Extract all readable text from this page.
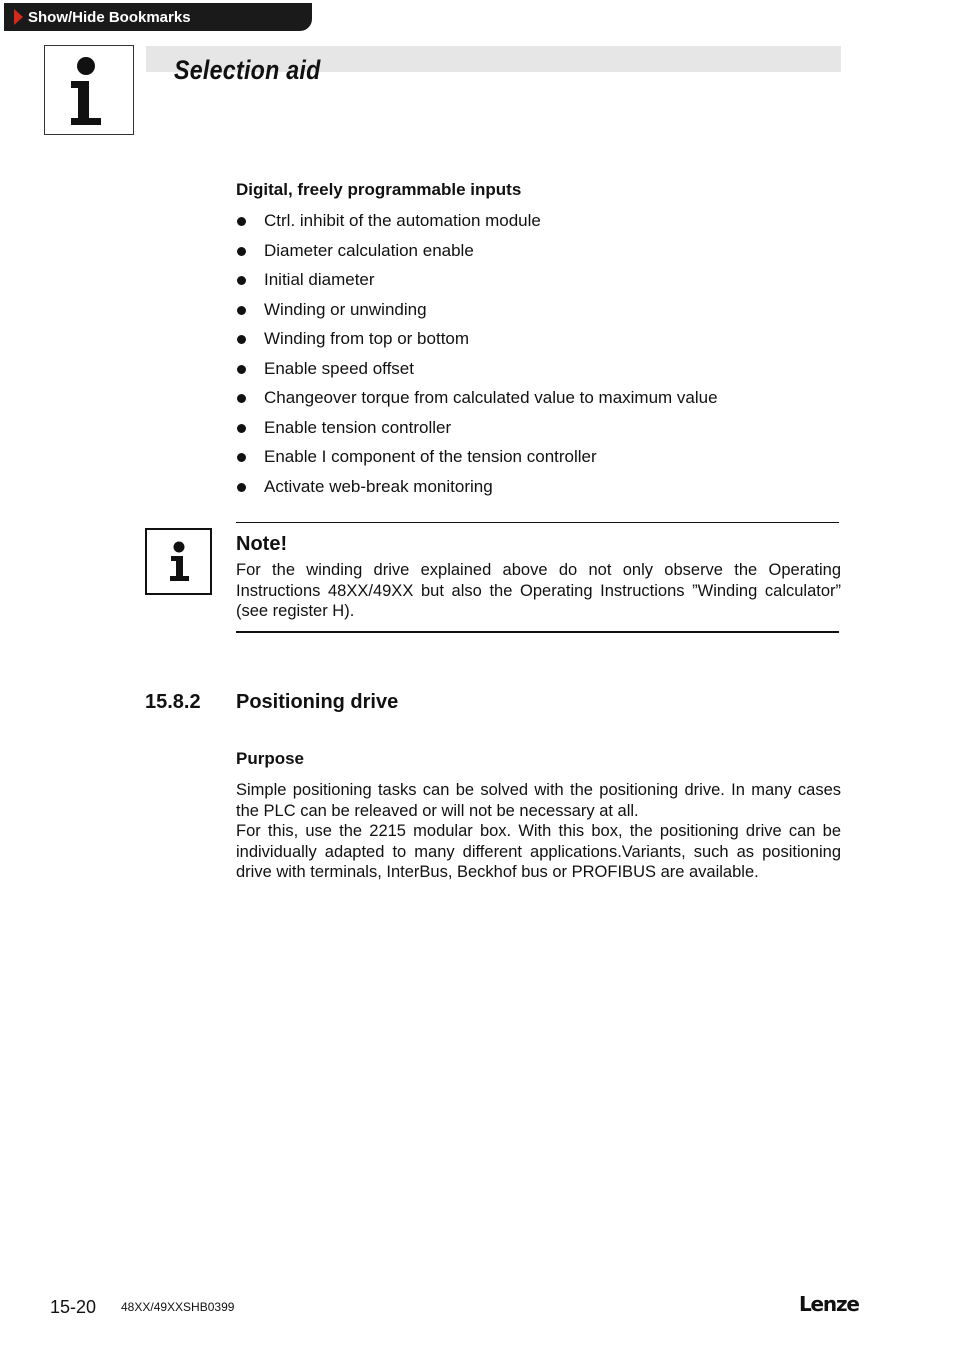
Show/Hide Bookmarks
Selection aid
Digital, freely programmable inputs
Ctrl. inhibit of the automation module
Diameter calculation enable
Initial diameter
Winding or unwinding
Winding from top or bottom
Enable speed offset
Changeover torque from calculated value to maximum value
Enable tension controller
Enable I component of the tension controller
Activate web-break monitoring
Note!

For the winding drive explained above do not only observe the Operating Instructions 48XX/49XX but also the Operating Instructions ”Winding calculator” (see register H).

15.8.2 Positioning drive
Purpose

Simple positioning tasks can be solved with the positioning drive. In many cases the PLC can be releaved or will not be necessary at all.

For this, use the 2215 modular box. With this box, the positioning drive can be individually adapted to many different applications.Variants, such as positioning drive with terminals, InterBus, Beckhof bus or PROFIBUS are available.

15-20 48XX/49XXSHB0399	Lenze
